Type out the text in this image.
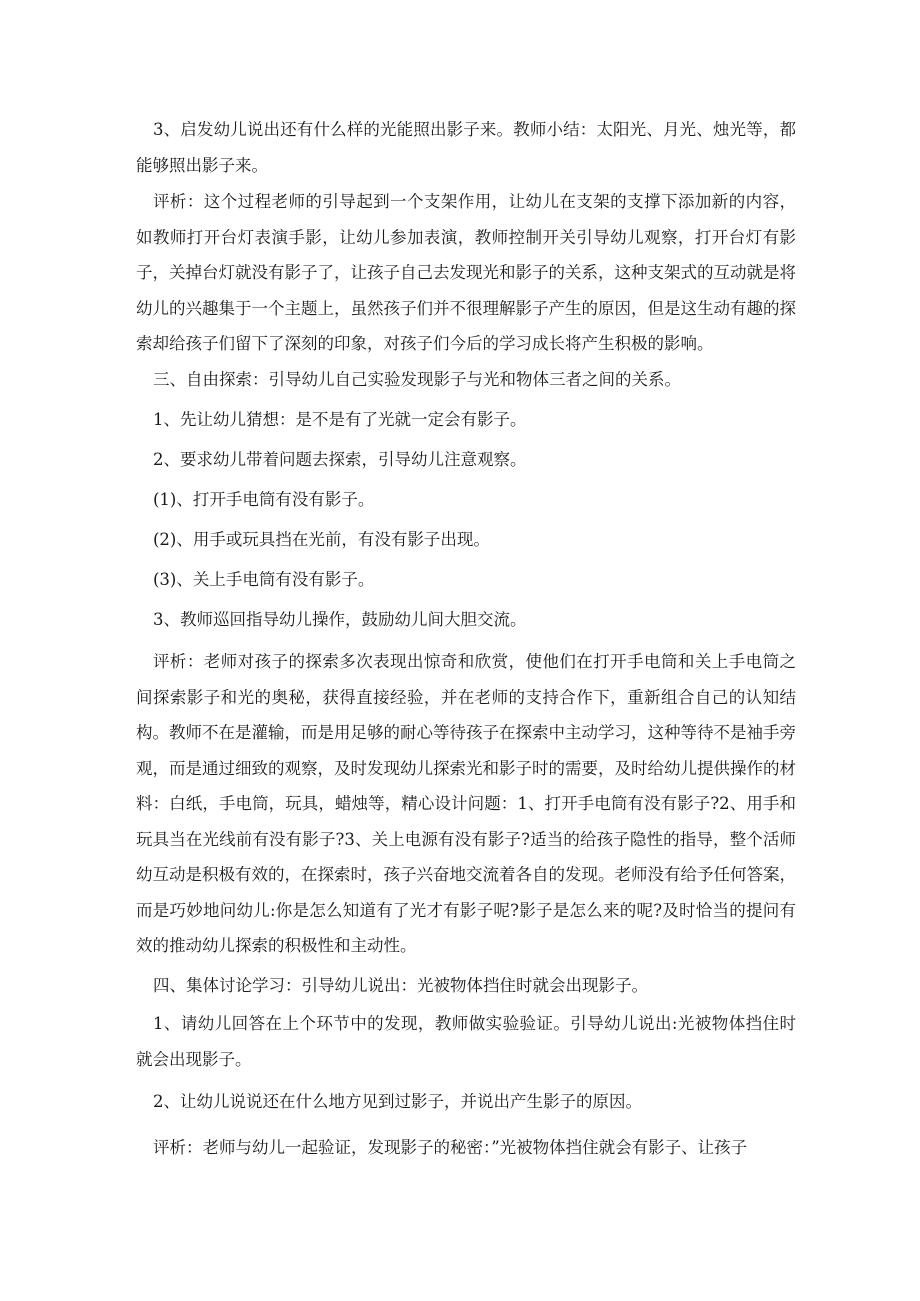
3、启发幼儿说出还有什么样的光能照出影子来。教师小结：太阳光、月光、烛光等，都能够照出影子来。

评析：这个过程老师的引导起到一个支架作用，让幼儿在支架的支撑下添加新的内容，如教师打开台灯表演手影，让幼儿参加表演，教师控制开关引导幼儿观察，打开台灯有影子，关掉台灯就没有影子了，让孩子自己去发现光和影子的关系，这种支架式的互动就是将幼儿的兴趣集于一个主题上，虽然孩子们并不很理解影子产生的原因，但是这生动有趣的探索却给孩子们留下了深刻的印象，对孩子们今后的学习成长将产生积极的影响。

三、自由探索：引导幼儿自己实验发现影子与光和物体三者之间的关系。

1、先让幼儿猜想：是不是有了光就一定会有影子。

2、要求幼儿带着问题去探索，引导幼儿注意观察。

(1)、打开手电筒有没有影子。

(2)、用手或玩具挡在光前，有没有影子出现。

(3)、关上手电筒有没有影子。

3、教师巡回指导幼儿操作，鼓励幼儿间大胆交流。

评析：老师对孩子的探索多次表现出惊奇和欣赏，使他们在打开手电筒和关上手电筒之间探索影子和光的奥秘，获得直接经验，并在老师的支持合作下，重新组合自己的认知结构。教师不在是灌输，而是用足够的耐心等待孩子在探索中主动学习，这种等待不是袖手旁观，而是通过细致的观察，及时发现幼儿探索光和影子时的需要，及时给幼儿提供操作的材料：白纸，手电筒，玩具，蜡烛等，精心设计问题：1、打开手电筒有没有影子?2、用手和玩具当在光线前有没有影子?3、关上电源有没有影子?适当的给孩子隐性的指导，整个活师幼互动是积极有效的，在探索时，孩子兴奋地交流着各自的发现。老师没有给予任何答案，而是巧妙地问幼儿:你是怎么知道有了光才有影子呢?影子是怎么来的呢?及时恰当的提问有效的推动幼儿探索的积极性和主动性。

四、集体讨论学习：引导幼儿说出：光被物体挡住时就会出现影子。

1、请幼儿回答在上个环节中的发现，教师做实验验证。引导幼儿说出:光被物体挡住时就会出现影子。

2、让幼儿说说还在什么地方见到过影子，并说出产生影子的原因。

评析：老师与幼儿一起验证，发现影子的秘密：”光被物体挡住就会有影子、让孩子
